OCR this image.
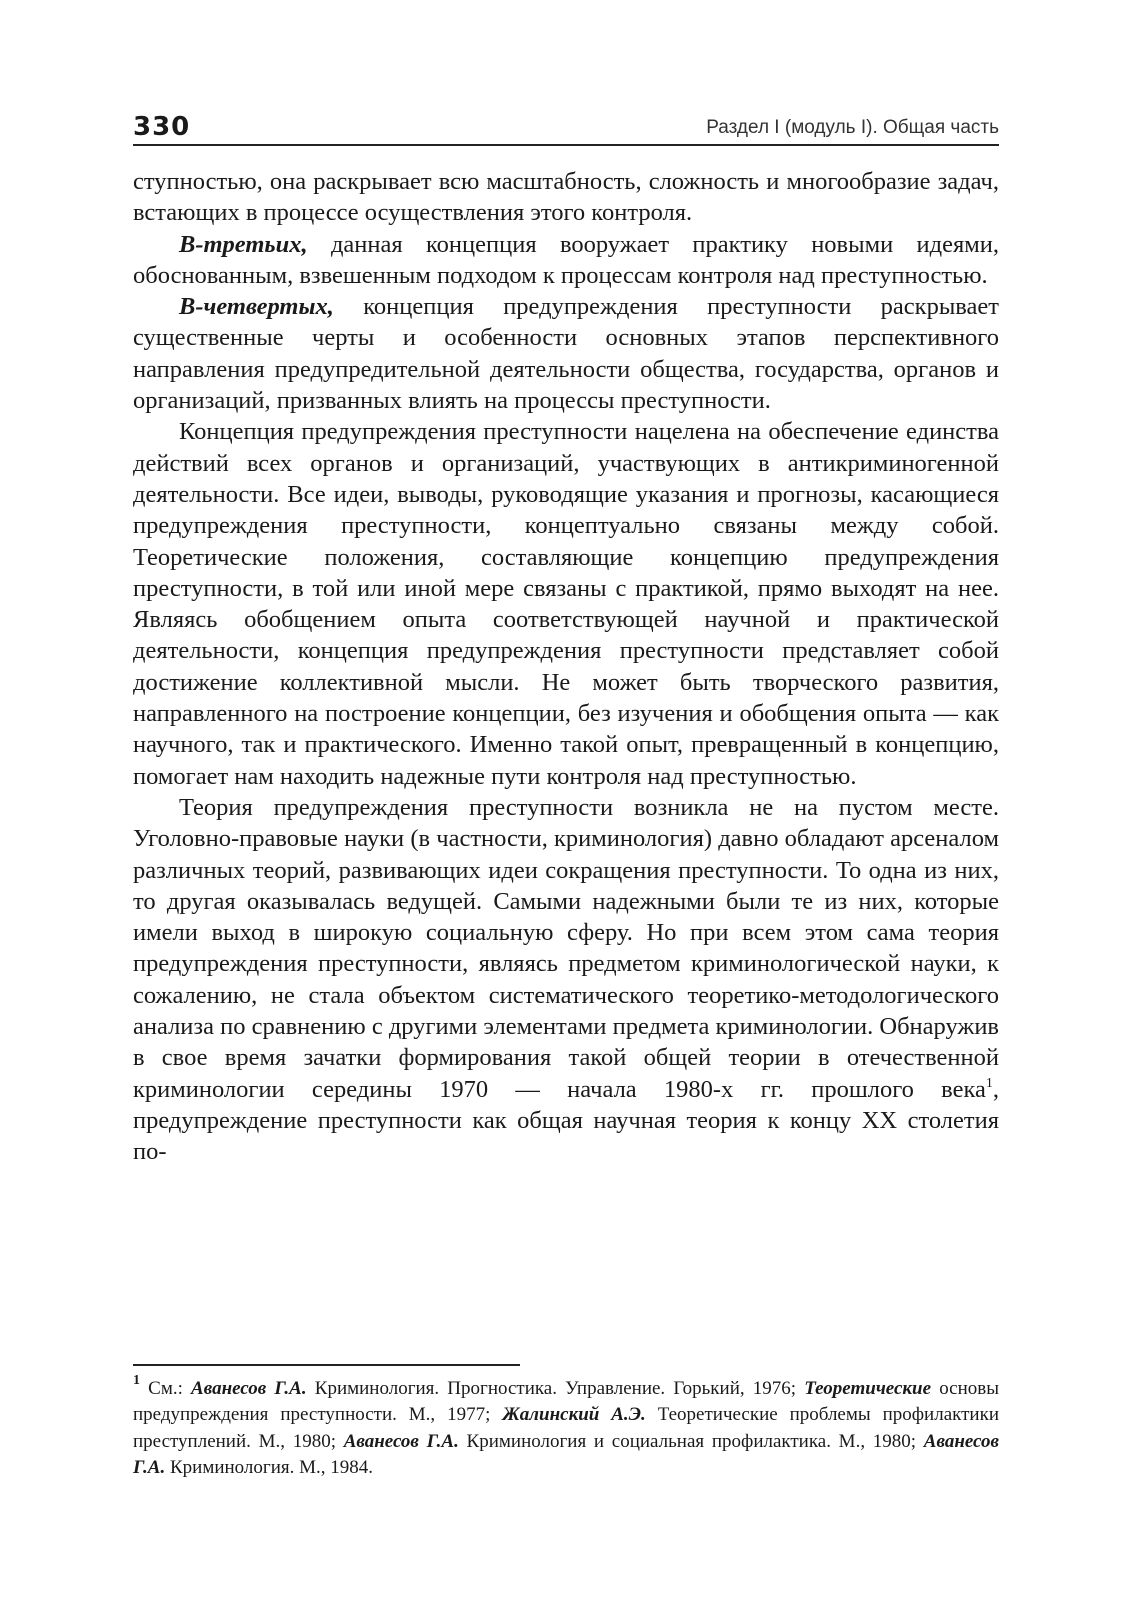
330	Раздел I (модуль I). Общая часть

ступностью, она раскрывает всю масштабность, сложность и многообразие задач, встающих в процессе осуществления этого контроля.

В-третьих, данная концепция вооружает практику новыми идеями, обоснованным, взвешенным подходом к процессам контроля над преступностью.

В-четвертых, концепция предупреждения преступности раскрывает существенные черты и особенности основных этапов перспективного направления предупредительной деятельности общества, государства, органов и организаций, призванных влиять на процессы преступности.

Концепция предупреждения преступности нацелена на обеспечение единства действий всех органов и организаций, участвующих в антикриминогенной деятельности. Все идеи, выводы, руководящие указания и прогнозы, касающиеся предупреждения преступности, концептуально связаны между собой. Теоретические положения, составляющие концепцию предупреждения преступности, в той или иной мере связаны с практикой, прямо выходят на нее. Являясь обобщением опыта соответствующей научной и практической деятельности, концепция предупреждения преступности представляет собой достижение коллективной мысли. Не может быть творческого развития, направленного на построение концепции, без изучения и обобщения опыта — как научного, так и практического. Именно такой опыт, превращенный в концепцию, помогает нам находить надежные пути контроля над преступностью.

Теория предупреждения преступности возникла не на пустом месте. Уголовно-правовые науки (в частности, криминология) давно обладают арсеналом различных теорий, развивающих идеи сокращения преступности. То одна из них, то другая оказывалась ведущей. Самыми надежными были те из них, которые имели выход в широкую социальную сферу. Но при всем этом сама теория предупреждения преступности, являясь предметом криминологической науки, к сожалению, не стала объектом систематического теоретико-методологического анализа по сравнению с другими элементами предмета криминологии. Обнаружив в свое время зачатки формирования такой общей теории в отечественной криминологии середины 1970 — начала 1980-х гг. прошлого века$^1$, предупреждение преступности как общая научная теория к концу XX столетия по-

$^1$ См.: Аванесов Г.А. Криминология. Прогностика. Управление. Горький, 1976; Теоретические основы предупреждения преступности. М., 1977; Жалинский А.Э. Теоретические проблемы профилактики преступлений. М., 1980; Аванесов Г.А. Криминология и социальная профилактика. М., 1980; Аванесов Г.А. Криминология. М., 1984.
